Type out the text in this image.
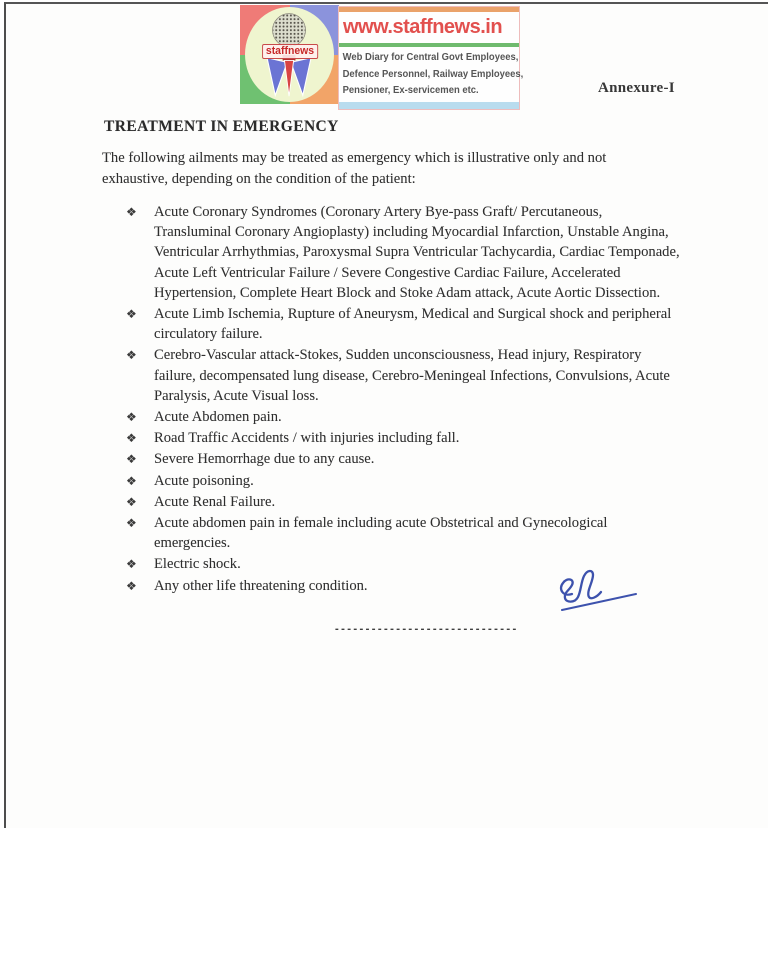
staffnews
www.staffnews.in
Web Diary for Central Govt Employees,
Defence Personnel, Railway Employees,
Pensioner, Ex-servicemen etc.	Annexure-I
TREATMENT IN EMERGENCY

The following ailments may be treated as emergency which is illustrative only and not exhaustive, depending on the condition of the patient:

❖ Acute Coronary Syndromes (Coronary Artery Bye-pass Graft/ Percutaneous, Transluminal Coronary Angioplasty) including Myocardial Infarction, Unstable Angina, Ventricular Arrhythmias, Paroxysmal Supra Ventricular Tachycardia, Cardiac Temponade, Acute Left Ventricular Failure / Severe Congestive Cardiac Failure, Accelerated Hypertension, Complete Heart Block and Stoke Adam attack, Acute Aortic Dissection.
❖ Acute Limb Ischemia, Rupture of Aneurysm, Medical and Surgical shock and peripheral circulatory failure.
❖ Cerebro-Vascular attack-Stokes, Sudden unconsciousness, Head injury, Respiratory failure, decompensated lung disease, Cerebro-Meningeal Infections, Convulsions, Acute Paralysis, Acute Visual loss.
❖ Acute Abdomen pain.
❖ Road Traffic Accidents / with injuries including fall.
❖ Severe Hemorrhage due to any cause.
❖ Acute poisoning.
❖ Acute Renal Failure.
❖ Acute abdomen pain in female including acute Obstetrical and Gynecological emergencies.
❖ Electric shock.
❖ Any other life threatening condition.
------------------------------
